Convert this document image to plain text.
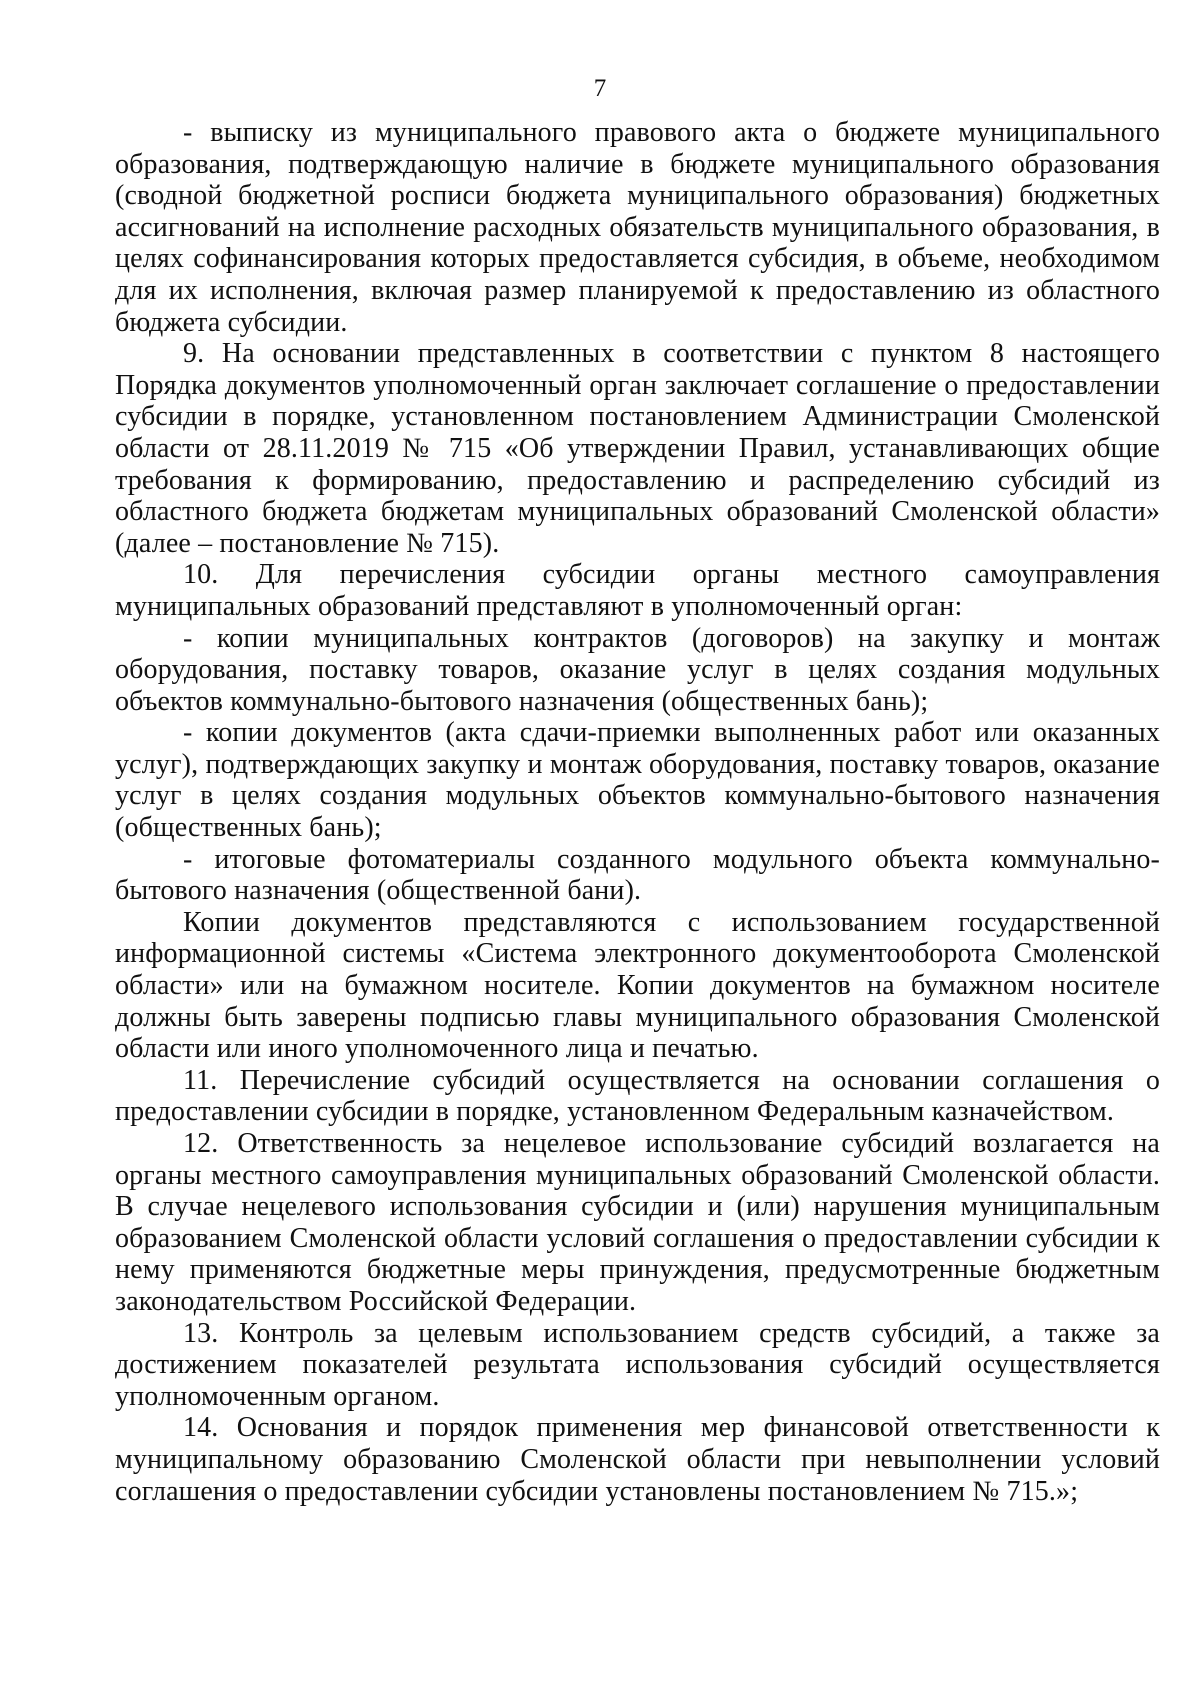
7

- выписку из муниципального правового акта о бюджете муниципального образования, подтверждающую наличие в бюджете муниципального образования (сводной бюджетной росписи бюджета муниципального образования) бюджетных ассигнований на исполнение расходных обязательств муниципального образования, в целях софинансирования которых предоставляется субсидия, в объеме, необходимом для их исполнения, включая размер планируемой к предоставлению из областного бюджета субсидии.

9. На основании представленных в соответствии с пунктом 8 настоящего Порядка документов уполномоченный орган заключает соглашение о предоставлении субсидии в порядке, установленном постановлением Администрации Смоленской области от 28.11.2019 № 715 «Об утверждении Правил, устанавливающих общие требования к формированию, предоставлению и распределению субсидий из областного бюджета бюджетам муниципальных образований Смоленской области» (далее – постановление № 715).

10. Для перечисления субсидии органы местного самоуправления муниципальных образований представляют в уполномоченный орган:

- копии муниципальных контрактов (договоров) на закупку и монтаж оборудования, поставку товаров, оказание услуг в целях создания модульных объектов коммунально-бытового назначения (общественных бань);

- копии документов (акта сдачи-приемки выполненных работ или оказанных услуг), подтверждающих закупку и монтаж оборудования, поставку товаров, оказание услуг в целях создания модульных объектов коммунально-бытового назначения (общественных бань);

- итоговые фотоматериалы созданного модульного объекта коммунально-бытового назначения (общественной бани).

Копии документов представляются с использованием государственной информационной системы «Система электронного документооборота Смоленской области» или на бумажном носителе. Копии документов на бумажном носителе должны быть заверены подписью главы муниципального образования Смоленской области или иного уполномоченного лица и печатью.

11. Перечисление субсидий осуществляется на основании соглашения о предоставлении субсидии в порядке, установленном Федеральным казначейством.

12. Ответственность за нецелевое использование субсидий возлагается на органы местного самоуправления муниципальных образований Смоленской области. В случае нецелевого использования субсидии и (или) нарушения муниципальным образованием Смоленской области условий соглашения о предоставлении субсидии к нему применяются бюджетные меры принуждения, предусмотренные бюджетным законодательством Российской Федерации.

13. Контроль за целевым использованием средств субсидий, а также за достижением показателей результата использования субсидий осуществляется уполномоченным органом.

14. Основания и порядок применения мер финансовой ответственности к муниципальному образованию Смоленской области при невыполнении условий соглашения о предоставлении субсидии установлены постановлением № 715.»;
